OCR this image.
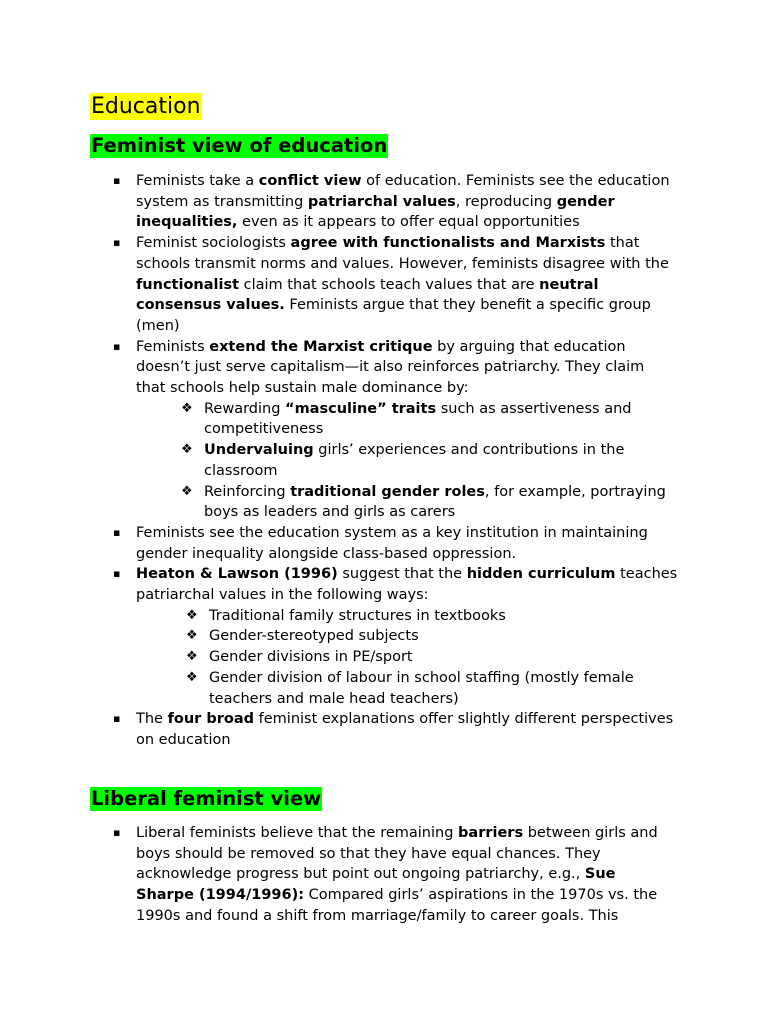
Education
Feminist view of education
▪ Feminists take a conflict view of education. Feminists see the education system as transmitting patriarchal values, reproducing gender inequalities, even as it appears to offer equal opportunities
▪ Feminist sociologists agree with functionalists and Marxists that schools transmit norms and values. However, feminists disagree with the functionalist claim that schools teach values that are neutral consensus values. Feminists argue that they benefit a specific group (men)
▪ Feminists extend the Marxist critique by arguing that education doesn’t just serve capitalism—it also reinforces patriarchy. They claim that schools help sustain male dominance by:
❖ Rewarding “masculine” traits such as assertiveness and competitiveness
❖ Undervaluing girls’ experiences and contributions in the classroom
❖ Reinforcing traditional gender roles, for example, portraying boys as leaders and girls as carers
▪ Feminists see the education system as a key institution in maintaining gender inequality alongside class-based oppression.
▪ Heaton & Lawson (1996) suggest that the hidden curriculum teaches patriarchal values in the following ways:
❖ Traditional family structures in textbooks
❖ Gender-stereotyped subjects
❖ Gender divisions in PE/sport
❖ Gender division of labour in school staffing (mostly female teachers and male head teachers)
▪ The four broad feminist explanations offer slightly different perspectives on education
Liberal feminist view
▪ Liberal feminists believe that the remaining barriers between girls and boys should be removed so that they have equal chances. They acknowledge progress but point out ongoing patriarchy, e.g., Sue Sharpe (1994/1996): Compared girls’ aspirations in the 1970s vs. the 1990s and found a shift from marriage/family to career goals. This
